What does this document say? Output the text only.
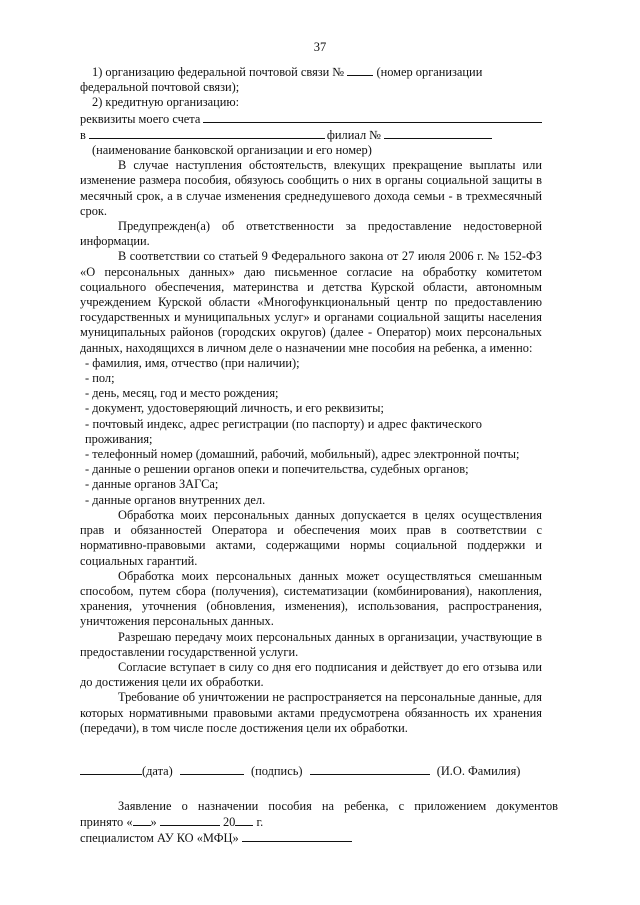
37

1) организацию федеральной почтовой связи №	(номер организации

федеральной почтовой связи);

2) кредитную организацию:

реквизиты моего счета
в	филиал №

(наименование банковской организации и его номер)

В случае наступления обстоятельств, влекущих прекращение выплаты или изменение размера пособия, обязуюсь сообщить о них в органы социальной защиты в месячный срок, а в случае изменения среднедушевого дохода семьи - в трехмесячный срок.

Предупрежден(а) об ответственности за предоставление недостоверной информации.

В соответствии со статьей 9 Федерального закона от 27 июля 2006 г. № 152-ФЗ «О персональных данных» даю письменное согласие на обработку комитетом социального обеспечения, материнства и детства Курской области, автономным учреждением Курской области «Многофункциональный центр по предоставлению государственных и муниципальных услуг» и органами социальной защиты населения муниципальных районов (городских округов) (далее - Оператор) моих персональных данных, находящихся в личном деле о назначении мне пособия на ребенка, а именно:

- фамилия, имя, отчество (при наличии);

- пол;

- день, месяц, год и место рождения;

- документ, удостоверяющий личность, и его реквизиты;

- почтовый индекс, адрес регистрации (по паспорту) и адрес фактического проживания;

- телефонный номер (домашний, рабочий, мобильный), адрес электронной почты;

- данные о решении органов опеки и попечительства, судебных органов;

- данные органов ЗАГСа;

- данные органов внутренних дел.

Обработка моих персональных данных допускается в целях осуществления прав и обязанностей Оператора и обеспечения моих прав в соответствии с нормативно-правовыми актами, содержащими нормы социальной поддержки и социальных гарантий.

Обработка моих персональных данных может осуществляться смешанным способом, путем сбора (получения), систематизации (комбинирования), накопления, хранения, уточнения (обновления, изменения), использования, распространения, уничтожения персональных данных.

Разрешаю передачу моих персональных данных в организации, участвующие в предоставлении государственной услуги.

Согласие вступает в силу со дня его подписания и действует до его отзыва или до достижения цели их обработки.

Требование об уничтожении не распространяется на персональные данные, для которых нормативными правовыми актами предусмотрена обязанность их хранения (передачи), в том числе после достижения цели их обработки.

(дата)	(подпись)	(И.О. Фамилия)

Заявление о назначении пособия на ребенка, с приложением документов

принято « »	20 г.

специалистом АУ КО «МФЦ»
